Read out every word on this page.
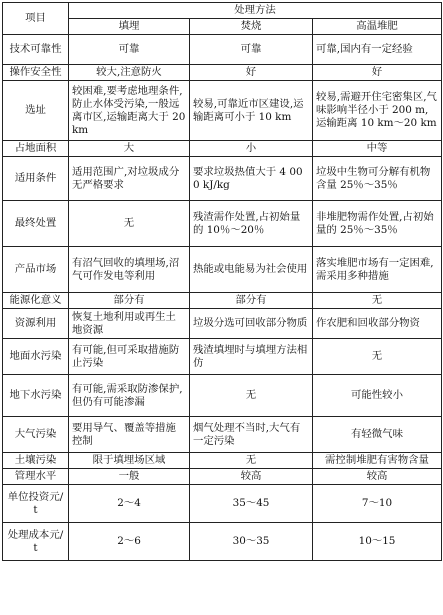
项目	处理方法		
	填埋	焚烧	高温堆肥
技术可靠性	可靠	可靠	可靠,国内有一定经验
操作安全性	较大,注意防火	好	好
选址	较困难,要考虑地理条件,防止水体受污染,一般远离市区,运输距离大于 20 km	较易,可靠近市区建设,运输距离可小于 10 km	较易,需避开住宅密集区,气味影响半径小于 200 m,运输距离 10 km～20 km
占地面积	大	小	中等
适用条件	适用范围广,对垃圾成分无严格要求	要求垃圾热值大于 4 000 kJ/kg	垃圾中生物可分解有机物含量 25％～35％
最终处置	无	残渣需作处置,占初始量的 10％～20％	非堆肥物需作处置,占初始量的 25％～35％
产品市场	有沼气回收的填埋场,沼气可作发电等利用	热能或电能易为社会使用	落实堆肥市场有一定困难,需采用多种措施
能源化意义	部分有	部分有	无
资源利用	恢复土地利用或再生土地资源	垃圾分选可回收部分物质	作农肥和回收部分物资
地面水污染	有可能,但可采取措施防止污染	残渣填埋时与填埋方法相仿	无
地下水污染	有可能,需采取防渗保护,但仍有可能渗漏	无	可能性较小
大气污染	要用导气、覆盖等措施控制	烟气处理不当时,大气有一定污染	有轻微气味
土壤污染	限于填埋场区域	无	需控制堆肥有害物含量
管理水平	一般	较高	较高
单位投资元/t	2～4	35～45	7～10
处理成本元/t	2～6	30～35	10～15
